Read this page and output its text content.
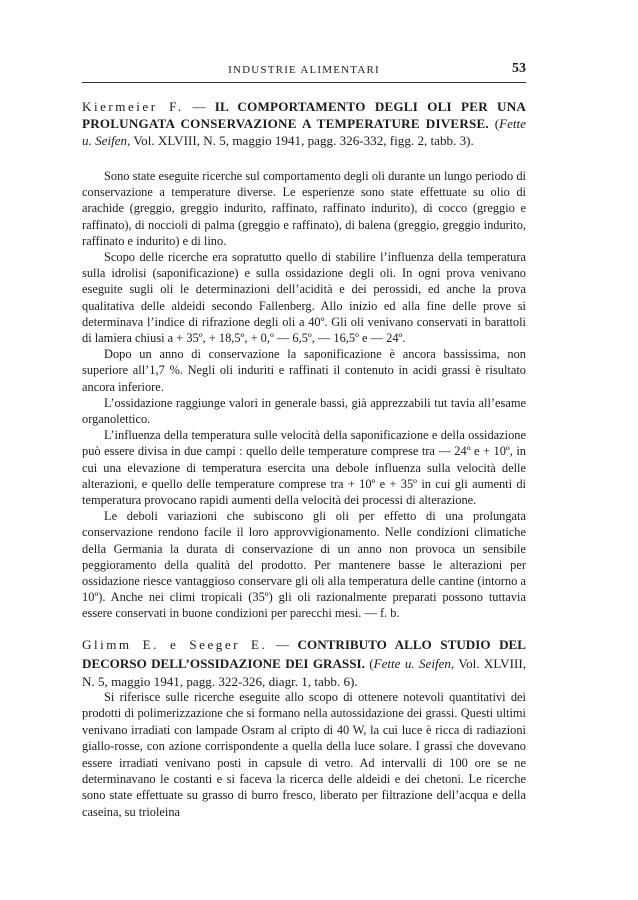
INDUSTRIE ALIMENTARI	53

Kiermeier F. — IL COMPORTAMENTO DEGLI OLI PER UNA PROLUNGATA CONSERVAZIONE A TEMPERATURE DIVERSE. (Fette u. Seifen, Vol. XLVIII, N. 5, maggio 1941, pagg. 326-332, figg. 2, tabb. 3).

Sono state eseguite ricerche sul comportamento degli oli durante un lungo periodo di conservazione a temperature diverse. Le esperienze sono state effettuate su olio di arachide (greggio, greggio indurito, raffinato, raffinato indurito), di cocco (greggio e raffinato), di noccioli di palma (greggio e raffinato), di balena (greggio, greggio indurito, raffinato e indurito) e di lino.

Scopo delle ricerche era sopratutto quello di stabilire l’influenza della temperatura sulla idrolisi (saponificazione) e sulla ossidazione degli oli. In ogni prova venivano eseguite sugli oli le determinazioni dell’acidità e dei perossidi, ed anche la prova qualitativa delle aldeidi secondo Fallenberg. Allo inizio ed alla fine delle prove si determinava l’indice di rifrazione degli oli a 40º. Gli oli venivano conservati in barattoli di lamiera chiusi a + 35º, + 18,5º, + 0,º — 6,5º, — 16,5º e — 24º.

Dopo un anno di conservazione la saponificazione è ancora bassissima, non superiore all’1,7 %. Negli oli induriti e raffinati il contenuto in acidi grassi è risultato ancora inferiore.

L’ossidazione raggiunge valori in generale bassi, già apprezzabili tut tavia all’esame organolettico.

L’influenza della temperatura sulle velocità della saponificazione e della ossidazione può essere divisa in due campi : quello delle temperature comprese tra — 24º e + 10º, in cui una elevazione di temperatura esercita una debole influenza sulla velocità delle alterazioni, e quello delle temperature comprese tra + 10º e + 35º in cui gli aumenti di temperatura provocano rapidi aumenti della velocità dei processi di alterazione.

Le deboli variazioni che subiscono gli oli per effetto di una prolungata conservazione rendono facile il loro approvvigionamento. Nelle condizioni climatiche della Germania la durata di conservazione di un anno non provoca un sensibile peggioramento della qualità del prodotto. Per mantenere basse le alterazioni per ossidazione riesce vantaggioso conservare gli oli alla temperatura delle cantine (intorno a 10º). Anche nei climi tropicali (35º) gli oli razionalmente preparati possono tuttavia essere conservati in buone condizioni per parecchi mesi. — f. b.

Glimm E. e Seeger E. — CONTRIBUTO ALLO STUDIO DEL DECORSO DELL’OSSIDAZIONE DEI GRASSI. (Fette u. Seifen, Vol. XLVIII, N. 5, maggio 1941, pagg. 322-326, diagr. 1, tabb. 6).

Si riferisce sulle ricerche eseguite allo scopo di ottenere notevoli quantitativi dei prodotti di polimerizzazione che si formano nella autossidazione dei grassi. Questi ultimi venivano irradiati con lampade Osram al cripto di 40 W, la cui luce è ricca di radiazioni giallo-rosse, con azione corrispondente a quella della luce solare. I grassi che dovevano essere irradiati venivano posti in capsule di vetro. Ad intervalli di 100 ore se ne determinavano le costanti e si faceva la ricerca delle aldeidi e dei chetoni. Le ricerche sono state effettuate su grasso di burro fresco, liberato per filtrazione dell’acqua e della caseina, su trioleina
